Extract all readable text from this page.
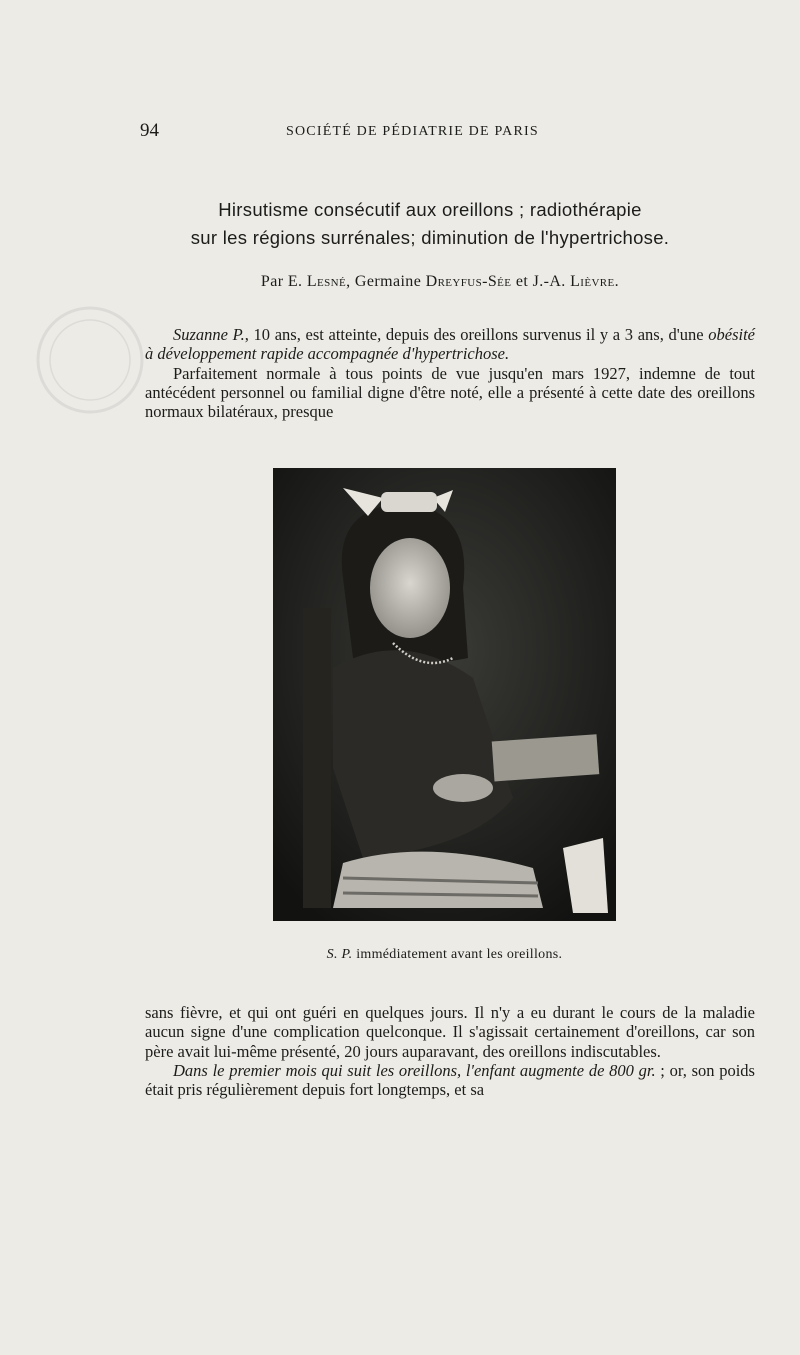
94	SOCIÉTÉ DE PÉDIATRIE DE PARIS
Hirsutisme consécutif aux oreillons ; radiothérapie
sur les régions surrénales; diminution de l'hypertrichose.
Par E. Lesné, Germaine Dreyfus-Sée et J.-A. Lièvre.

Suzanne P., 10 ans, est atteinte, depuis des oreillons survenus il y a 3 ans, d'une obésité à développement rapide accompagnée d'hypertrichose.

Parfaitement normale à tous points de vue jusqu'en mars 1927, indemne de tout antécédent personnel ou familial digne d'être noté, elle a présenté à cette date des oreillons normaux bilatéraux, presque

S. P. immédiatement avant les oreillons.

sans fièvre, et qui ont guéri en quelques jours. Il n'y a eu durant le cours de la maladie aucun signe d'une complication quelconque. Il s'agissait certainement d'oreillons, car son père avait lui-même présenté, 20 jours auparavant, des oreillons indiscutables.

Dans le premier mois qui suit les oreillons, l'enfant augmente de 800 gr. ; or, son poids était pris régulièrement depuis fort longtemps, et sa
